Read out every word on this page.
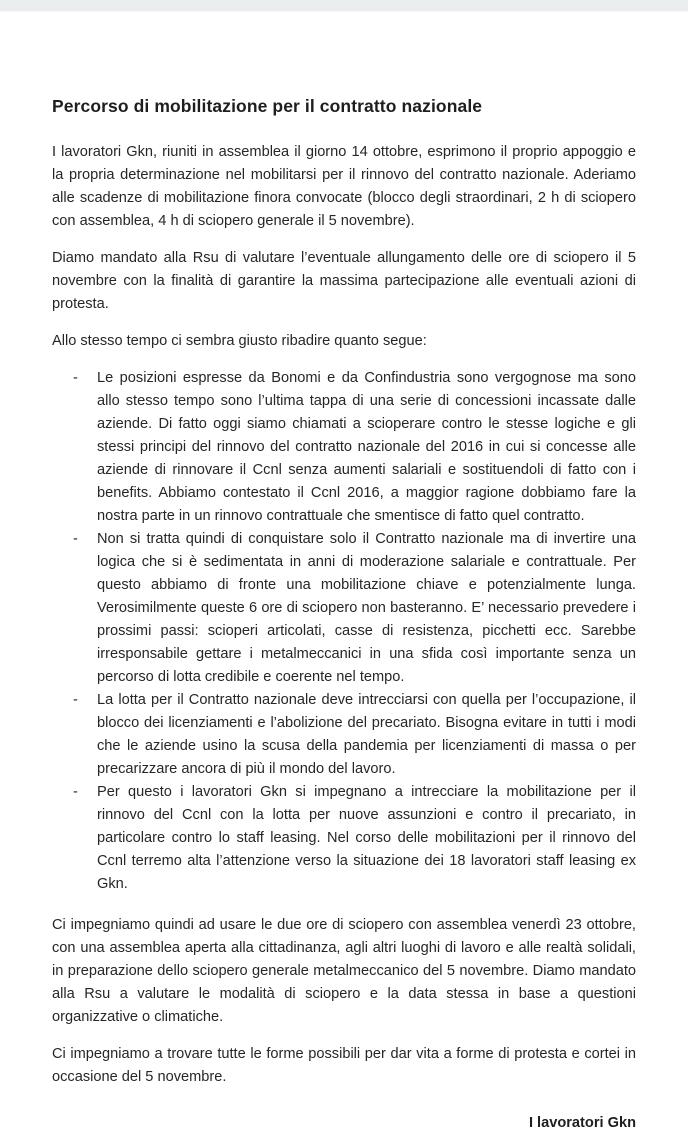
Percorso di mobilitazione per il contratto nazionale

I lavoratori Gkn, riuniti in assemblea il giorno 14 ottobre, esprimono il proprio appoggio e la propria determinazione nel mobilitarsi per il rinnovo del contratto nazionale. Aderiamo alle scadenze di mobilitazione finora convocate (blocco degli straordinari, 2 h di sciopero con assemblea, 4 h di sciopero generale il 5 novembre).

Diamo mandato alla Rsu di valutare l’eventuale allungamento delle ore di sciopero il 5 novembre con la finalità di garantire la massima partecipazione alle eventuali azioni di protesta.

Allo stesso tempo ci sembra giusto ribadire quanto segue:

-	Le posizioni espresse da Bonomi e da Confindustria sono vergognose ma sono allo stesso tempo sono l’ultima tappa di una serie di concessioni incassate dalle aziende. Di fatto oggi siamo chiamati a scioperare contro le stesse logiche e gli stessi principi del rinnovo del contratto nazionale del 2016 in cui si concesse alle aziende di rinnovare il Ccnl senza aumenti salariali e sostituendoli di fatto con i benefits. Abbiamo contestato il Ccnl 2016, a maggior ragione dobbiamo fare la nostra parte in un rinnovo contrattuale che smentisce di fatto quel contratto.
-	Non si tratta quindi di conquistare solo il Contratto nazionale ma di invertire una logica che si è sedimentata in anni di moderazione salariale e contrattuale. Per questo abbiamo di fronte una mobilitazione chiave e potenzialmente lunga. Verosimilmente queste 6 ore di sciopero non basteranno. E’ necessario prevedere i prossimi passi: scioperi articolati, casse di resistenza, picchetti ecc. Sarebbe irresponsabile gettare i metalmeccanici in una sfida così importante senza un percorso di lotta credibile e coerente nel tempo.
-	La lotta per il Contratto nazionale deve intrecciarsi con quella per l’occupazione, il blocco dei licenziamenti e l’abolizione del precariato. Bisogna evitare in tutti i modi che le aziende usino la scusa della pandemia per licenziamenti di massa o per precarizzare ancora di più il mondo del lavoro.
-	Per questo i lavoratori Gkn si impegnano a intrecciare la mobilitazione per il rinnovo del Ccnl con la lotta per nuove assunzioni e contro il precariato, in particolare contro lo staff leasing. Nel corso delle mobilitazioni per il rinnovo del Ccnl terremo alta l’attenzione verso la situazione dei 18 lavoratori staff leasing ex Gkn.

Ci impegniamo quindi ad usare le due ore di sciopero con assemblea venerdì 23 ottobre, con una assemblea aperta alla cittadinanza, agli altri luoghi di lavoro e alle realtà solidali, in preparazione dello sciopero generale metalmeccanico del 5 novembre. Diamo mandato alla Rsu a valutare le modalità di sciopero e la data stessa in base a questioni organizzative o climatiche.

Ci impegniamo a trovare tutte le forme possibili per dar vita a forme di protesta e cortei in occasione del 5 novembre.

I lavoratori Gkn
